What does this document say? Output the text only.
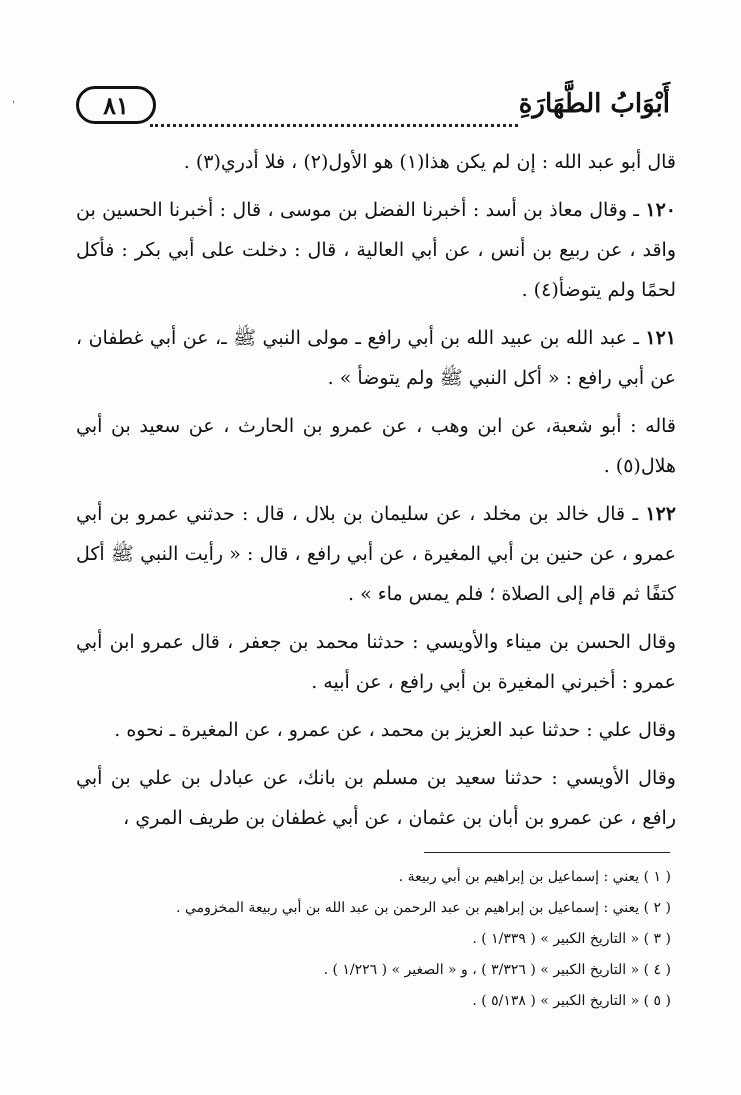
'	٨١	أَبْوَابُ الطَّهَارَةِ

قال أبو عبد الله : إن لم يكن هذا(١) هو الأول(٢) ، فلا أدري(٣) .

١٢٠ ـ وقال معاذ بن أسد : أخبرنا الفضل بن موسى ، قال : أخبرنا الحسين بن واقد ، عن ربيع بن أنس ، عن أبي العالية ، قال : دخلت على أبي بكر : فأكل لحمًا ولم يتوضأ(٤) .

١٢١ ـ عبد الله بن عبيد الله بن أبي رافع ـ مولى النبي ﷺ ـ، عن أبي غطفان ، عن أبي رافع : « أكل النبي ﷺ ولم يتوضأ » .

قاله : أبو شعبة، عن ابن وهب ، عن عمرو بن الحارث ، عن سعيد بن أبي هلال(٥) .

١٢٢ ـ قال خالد بن مخلد ، عن سليمان بن بلال ، قال : حدثني عمرو بن أبي عمرو ، عن حنين بن أبي المغيرة ، عن أبي رافع ، قال : « رأيت النبي ﷺ أكل كتفًا ثم قام إلى الصلاة ؛ فلم يمس ماء » .

وقال الحسن بن ميناء والأويسي : حدثنا محمد بن جعفر ، قال عمرو ابن أبي عمرو : أخبرني المغيرة بن أبي رافع ، عن أبيه .

وقال علي : حدثنا عبد العزيز بن محمد ، عن عمرو ، عن المغيرة ـ نحوه .

وقال الأويسي : حدثنا سعيد بن مسلم بن بانك، عن عبادل بن علي بن أبي رافع ، عن عمرو بن أبان بن عثمان ، عن أبي غطفان بن طريف المري ،

( ١ ) يعني : إسماعيل بن إبراهيم بن أبي ربيعة .

( ٢ ) يعني : إسماعيل بن إبراهيم بن عبد الرحمن بن عبد الله بن أبي ربيعة المخزومي .

( ٣ ) « التاريخ الكبير » ( ١/٣٣٩ ) .

( ٤ ) « التاريخ الكبير » ( ٣/٣٢٦ ) ، و « الصغير » ( ١/٢٢٦ ) .

( ٥ ) « التاريخ الكبير » ( ٥/١٣٨ ) .
